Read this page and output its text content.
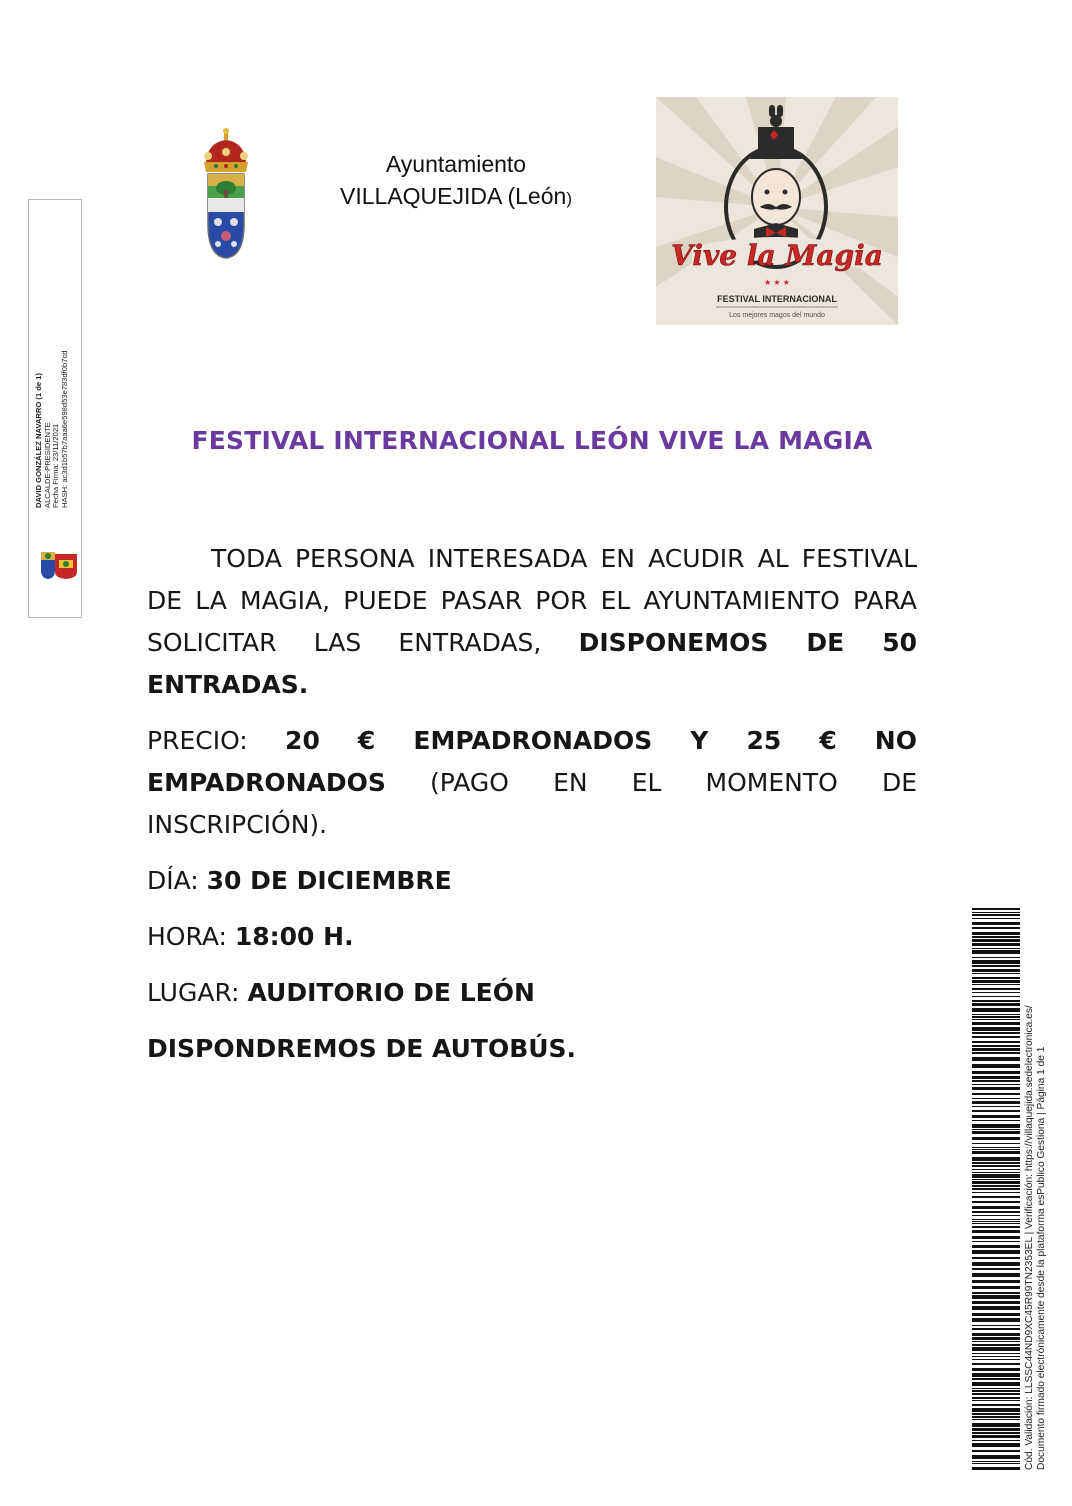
Ayuntamiento
VILLAQUEJIDA (León)
Vive la Magia
★ ★ ★
FESTIVAL INTERNACIONAL
Los mejores magos del mundo
DAVID GONZÁLEZ NAVARRO (1 de 1) ALCALDE-PRESIDENTE Fecha Firma: 23/11/2021 HASH: ac3d1b57b7aaa6e598d53e783df0b7cd
Cód. Validación: LLSSC44ND9XC45R99TN2353EL | Verificación: https://villaquejida.sedelectronica.es/ Documento firmado electrónicamente desde la plataforma esPublico Gestiona | Página 1 de 1
FESTIVAL INTERNACIONAL LEÓN VIVE LA MAGIA

TODA PERSONA INTERESADA EN ACUDIR AL FESTIVAL DE LA MAGIA, PUEDE PASAR POR EL AYUNTAMIENTO PARA SOLICITAR LAS ENTRADAS, DISPONEMOS DE 50 ENTRADAS.

PRECIO: 20 € EMPADRONADOS Y 25 € NO EMPADRONADOS (PAGO EN EL MOMENTO DE INSCRIPCIÓN).

DÍA: 30 DE DICIEMBRE

HORA: 18:00 H.

LUGAR: AUDITORIO DE LEÓN

DISPONDREMOS DE AUTOBÚS.
